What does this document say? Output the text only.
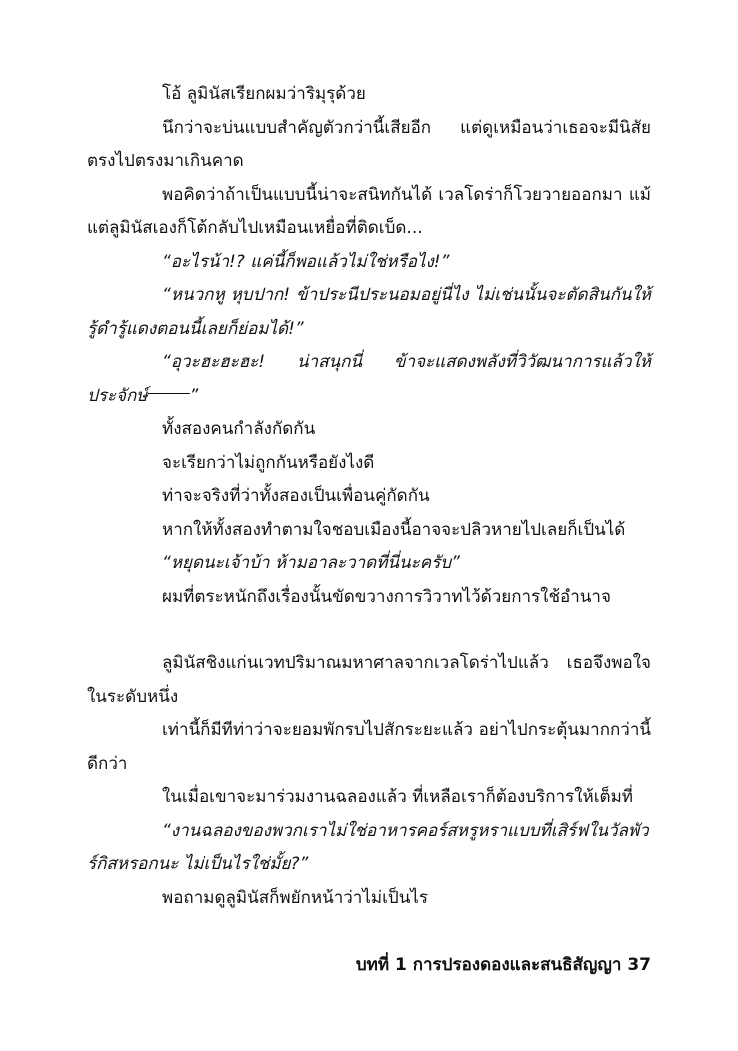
โอ้ ลูมินัสเรียกผมว่าริมุรุด้วย

นึกว่าจะบ่นแบบสำคัญตัวกว่านี้เสียอีก แต่ดูเหมือนว่าเธอจะมีนิสัยตรงไปตรงมาเกินคาด

พอคิดว่าถ้าเป็นแบบนี้น่าจะสนิทกันได้ เวลโดร่าก็โวยวายออกมา แม้แต่ลูมินัสเองก็โต้กลับไปเหมือนเหยื่อที่ติดเบ็ด...

“อะไรน้า!? แค่นี้ก็พอแล้วไม่ใช่หรือไง!”

“หนวกหู หุบปาก! ข้าประนีประนอมอยู่นี่ไง ไม่เช่นนั้นจะตัดสินกันให้รู้ดำรู้แดงตอนนี้เลยก็ย่อมได้!”

“อุวะฮะฮะฮะ! น่าสนุกนี่ ข้าจะแสดงพลังที่วิวัฒนาการแล้วให้ประจักษ์ ”

ทั้งสองคนกำลังกัดกัน

จะเรียกว่าไม่ถูกกันหรือยังไงดี

ท่าจะจริงที่ว่าทั้งสองเป็นเพื่อนคู่กัดกัน

หากให้ทั้งสองทำตามใจชอบเมืองนี้อาจจะปลิวหายไปเลยก็เป็นได้

“หยุดนะเจ้าบ้า ห้ามอาละวาดที่นี่นะครับ”

ผมที่ตระหนักถึงเรื่องนั้นขัดขวางการวิวาทไว้ด้วยการใช้อำนาจ

ลูมินัสชิงแก่นเวทปริมาณมหาศาลจากเวลโดร่าไปแล้ว เธอจึงพอใจในระดับหนึ่ง

เท่านี้ก็มีทีท่าว่าจะยอมพักรบไปสักระยะแล้ว อย่าไปกระตุ้นมากกว่านี้ดีกว่า

ในเมื่อเขาจะมาร่วมงานฉลองแล้ว ที่เหลือเราก็ต้องบริการให้เต็มที่

“งานฉลองของพวกเราไม่ใช่อาหารคอร์สหรูหราแบบที่เสิร์ฟในวัลพัวร์กิสหรอกนะ ไม่เป็นไรใช่มั้ย?”

พอถามดูลูมินัสก็พยักหน้าว่าไม่เป็นไร

บทที่ 1 การปรองดองและสนธิสัญญา 37
